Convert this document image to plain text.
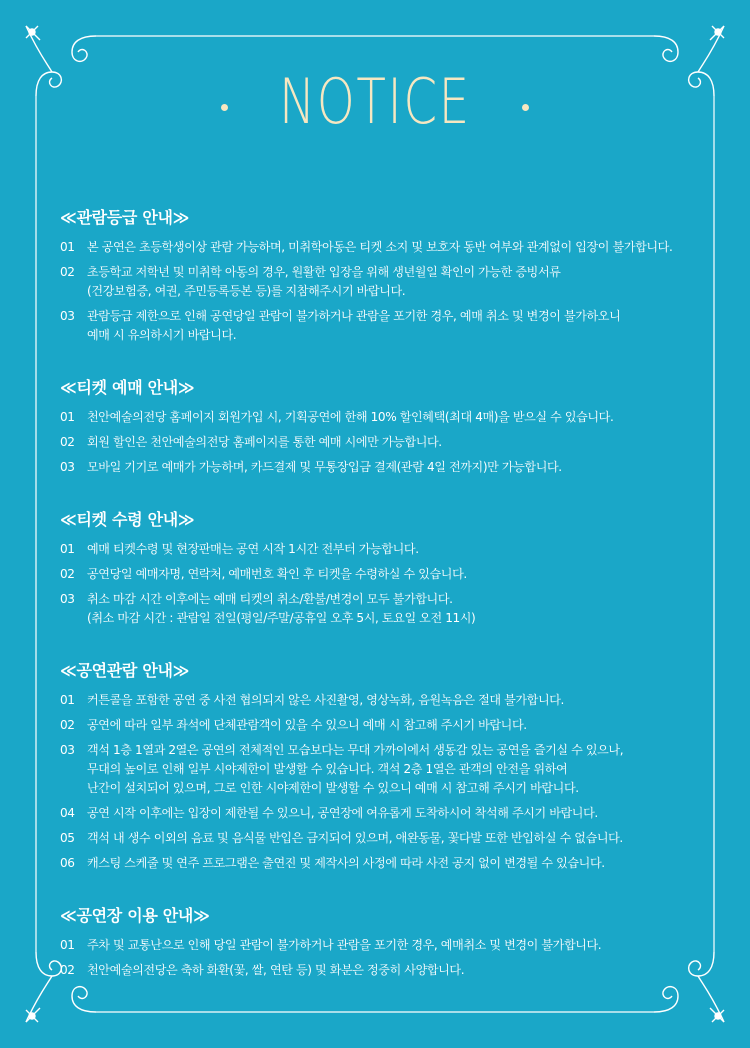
NOTICE
≪관람등급 안내≫
01	본 공연은 초등학생이상 관람 가능하며, 미취학아동은 티켓 소지 및 보호자 동반 여부와 관계없이 입장이 불가합니다.
02	초등학교 저학년 및 미취학 아동의 경우, 원활한 입장을 위해 생년월일 확인이 가능한 증빙서류
(건강보험증, 여권, 주민등록등본 등)를 지참해주시기 바랍니다.
03	관람등급 제한으로 인해 공연당일 관람이 불가하거나 관람을 포기한 경우, 예매 취소 및 변경이 불가하오니
예매 시 유의하시기 바랍니다.
≪티켓 예매 안내≫
01	천안예술의전당 홈페이지 회원가입 시, 기획공연에 한해 10% 할인혜택(최대 4매)을 받으실 수 있습니다.
02	회원 할인은 천안예술의전당 홈페이지를 통한 예매 시에만 가능합니다.
03	모바일 기기로 예매가 가능하며, 카드결제 및 무통장입금 결제(관람 4일 전까지)만 가능합니다.
≪티켓 수령 안내≫
01	예매 티켓수령 및 현장판매는 공연 시작 1시간 전부터 가능합니다.
02	공연당일 예매자명, 연락처, 예매번호 확인 후 티켓을 수령하실 수 있습니다.
03	취소 마감 시간 이후에는 예매 티켓의 취소/환불/변경이 모두 불가합니다.
(취소 마감 시간 : 관람일 전일(평일/주말/공휴일 오후 5시, 토요일 오전 11시)
≪공연관람 안내≫
01	커튼콜을 포함한 공연 중 사전 협의되지 않은 사진촬영, 영상녹화, 음원녹음은 절대 불가합니다.
02	공연에 따라 일부 좌석에 단체관람객이 있을 수 있으니 예매 시 참고해 주시기 바랍니다.
03	객석 1층 1열과 2열은 공연의 전체적인 모습보다는 무대 가까이에서 생동감 있는 공연을 즐기실 수 있으나,
무대의 높이로 인해 일부 시야제한이 발생할 수 있습니다. 객석 2층 1열은 관객의 안전을 위하여
난간이 설치되어 있으며, 그로 인한 시야제한이 발생할 수 있으니 예매 시 참고해 주시기 바랍니다.
04	공연 시작 이후에는 입장이 제한될 수 있으니, 공연장에 여유롭게 도착하시어 착석해 주시기 바랍니다.
05	객석 내 생수 이외의 음료 및 음식물 반입은 금지되어 있으며, 애완동물, 꽃다발 또한 반입하실 수 없습니다.
06	캐스팅 스케줄 및 연주 프로그램은 출연진 및 제작사의 사정에 따라 사전 공지 없이 변경될 수 있습니다.
≪공연장 이용 안내≫
01	주차 및 교통난으로 인해 당일 관람이 불가하거나 관람을 포기한 경우, 예매취소 및 변경이 불가합니다.
02	천안예술의전당은 축하 화환(꽃, 쌀, 연탄 등) 및 화분은 정중히 사양합니다.
